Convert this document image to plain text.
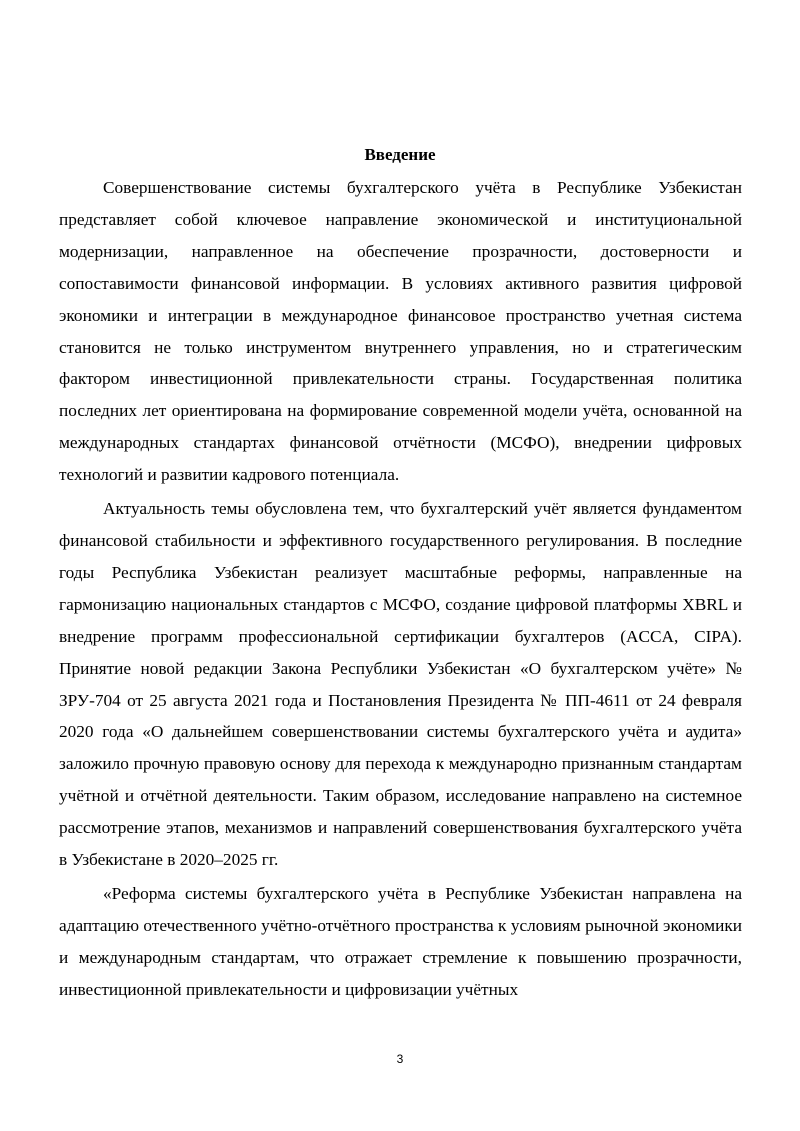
Введение

Совершенствование системы бухгалтерского учёта в Республике Узбекистан представляет собой ключевое направление экономической и институциональной модернизации, направленное на обеспечение прозрачности, достоверности и сопоставимости финансовой информации. В условиях активного развития цифровой экономики и интеграции в международное финансовое пространство учетная система становится не только инструментом внутреннего управления, но и стратегическим фактором инвестиционной привлекательности страны. Государственная политика последних лет ориентирована на формирование современной модели учёта, основанной на международных стандартах финансовой отчётности (МСФО), внедрении цифровых технологий и развитии кадрового потенциала.

Актуальность темы обусловлена тем, что бухгалтерский учёт является фундаментом финансовой стабильности и эффективного государственного регулирования. В последние годы Республика Узбекистан реализует масштабные реформы, направленные на гармонизацию национальных стандартов с МСФО, создание цифровой платформы XBRL и внедрение программ профессиональной сертификации бухгалтеров (ACCA, CIPA). Принятие новой редакции Закона Республики Узбекистан «О бухгалтерском учёте» № ЗРУ-704 от 25 августа 2021 года и Постановления Президента № ПП-4611 от 24 февраля 2020 года «О дальнейшем совершенствовании системы бухгалтерского учёта и аудита» заложило прочную правовую основу для перехода к международно признанным стандартам учётной и отчётной деятельности. Таким образом, исследование направлено на системное рассмотрение этапов, механизмов и направлений совершенствования бухгалтерского учёта в Узбекистане в 2020–2025 гг.

«Реформа системы бухгалтерского учёта в Республике Узбекистан направлена на адаптацию отечественного учётно-отчётного пространства к условиям рыночной экономики и международным стандартам, что отражает стремление к повышению прозрачности, инвестиционной привлекательности и цифровизации учётных

3
